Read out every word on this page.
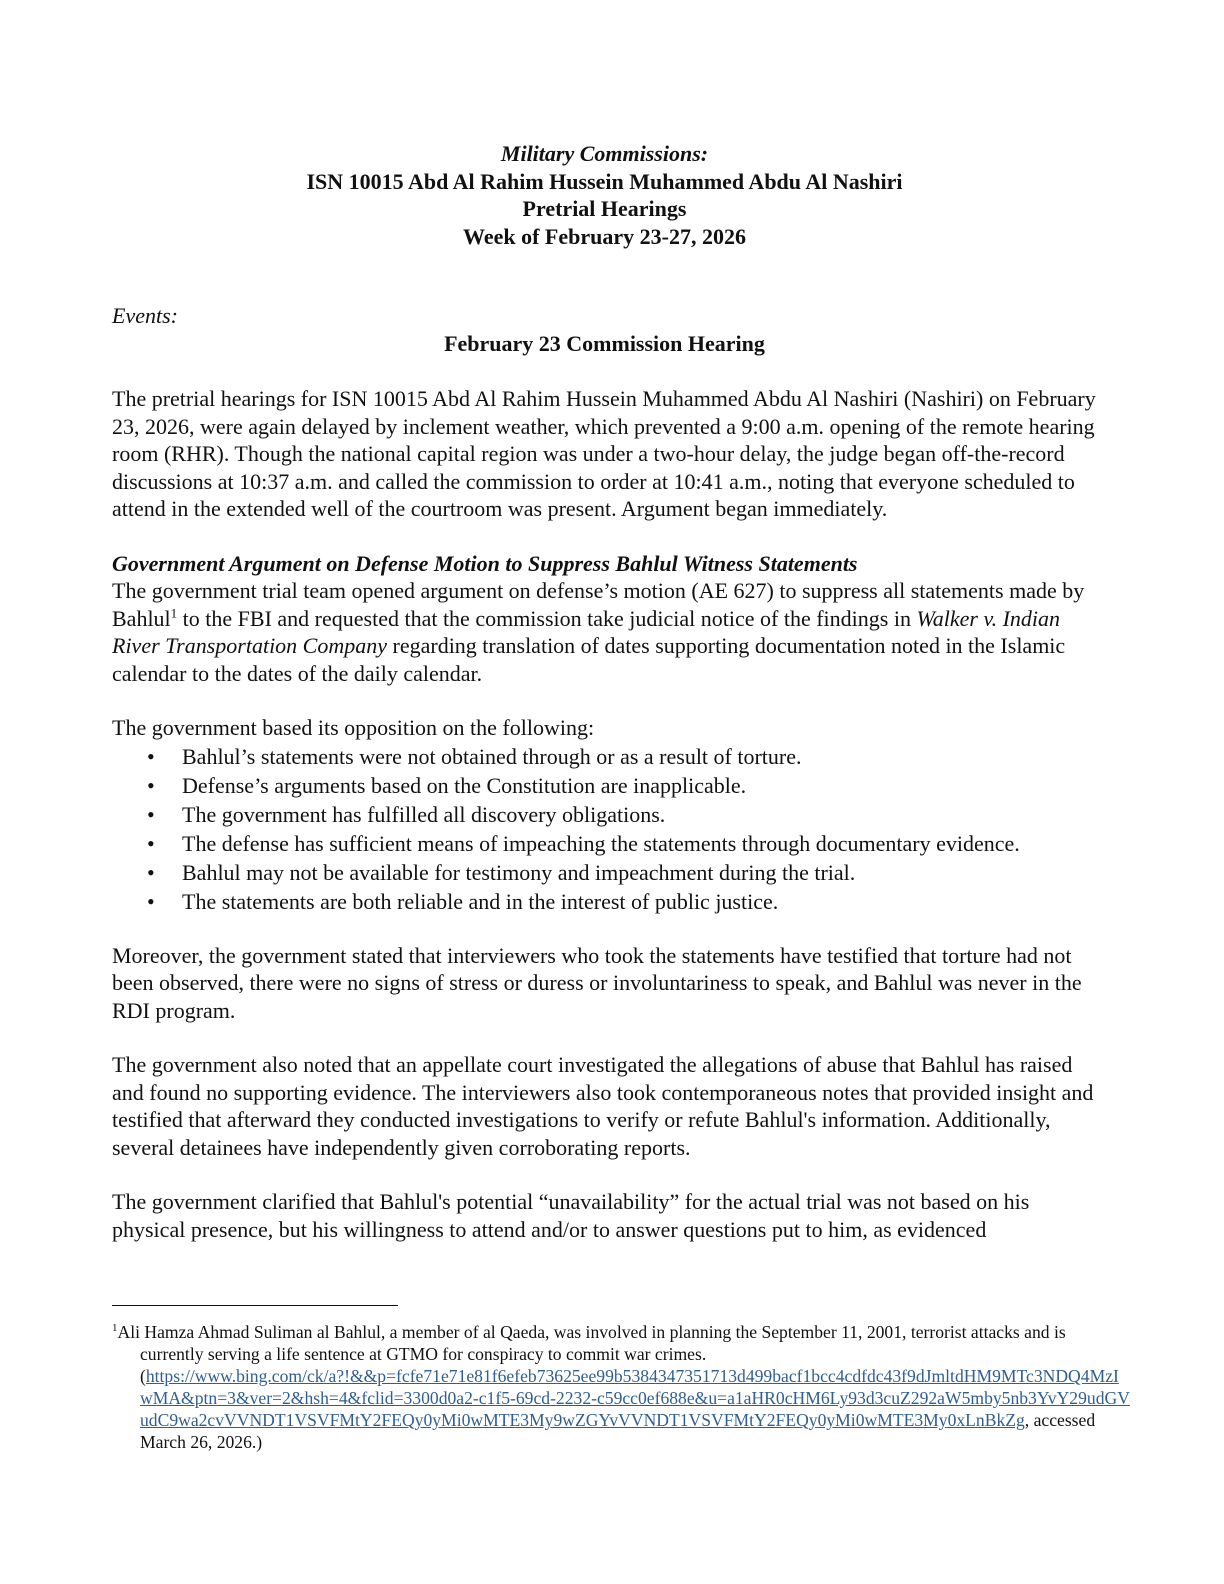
Military Commissions:
ISN 10015 Abd Al Rahim Hussein Muhammed Abdu Al Nashiri
Pretrial Hearings
Week of February 23-27, 2026
Events:
February 23 Commission Hearing

The pretrial hearings for ISN 10015 Abd Al Rahim Hussein Muhammed Abdu Al Nashiri (Nashiri) on February 23, 2026, were again delayed by inclement weather, which prevented a 9:00 a.m. opening of the remote hearing room (RHR). Though the national capital region was under a two-hour delay, the judge began off-the-record discussions at 10:37 a.m. and called the commission to order at 10:41 a.m., noting that everyone scheduled to attend in the extended well of the courtroom was present. Argument began immediately.

Government Argument on Defense Motion to Suppress Bahlul Witness Statements

The government trial team opened argument on defense’s motion (AE 627) to suppress all statements made by Bahlul$^1$ to the FBI and requested that the commission take judicial notice of the findings in Walker v. Indian River Transportation Company regarding translation of dates supporting documentation noted in the Islamic calendar to the dates of the daily calendar.

The government based its opposition on the following:
• Bahlul’s statements were not obtained through or as a result of torture.
• Defense’s arguments based on the Constitution are inapplicable.
• The government has fulfilled all discovery obligations.
• The defense has sufficient means of impeaching the statements through documentary evidence.
• Bahlul may not be available for testimony and impeachment during the trial.
• The statements are both reliable and in the interest of public justice.

Moreover, the government stated that interviewers who took the statements have testified that torture had not been observed, there were no signs of stress or duress or involuntariness to speak, and Bahlul was never in the RDI program.

The government also noted that an appellate court investigated the allegations of abuse that Bahlul has raised and found no supporting evidence. The interviewers also took contemporaneous notes that provided insight and testified that afterward they conducted investigations to verify or refute Bahlul's information. Additionally, several detainees have independently given corroborating reports.

The government clarified that Bahlul's potential “unavailability” for the actual trial was not based on his physical presence, but his willingness to attend and/or to answer questions put to him, as evidenced

$^1$Ali Hamza Ahmad Suliman al Bahlul, a member of al Qaeda, was involved in planning the September 11, 2001, terrorist attacks and is currently serving a life sentence at GTMO for conspiracy to commit war crimes.
(https://www.bing.com/ck/a?!&&p=fcfe71e71e81f6efeb73625ee99b5384347351713d499bacf1bcc4cdfdc43f9dJmltdHM9MTc3NDQ4MzIwMA&ptn=3&ver=2&hsh=4&fclid=3300d0a2-c1f5-69cd-2232-c59cc0ef688e&u=a1aHR0cHM6Ly93d3cuZ292aW5mby5nb3YvY29udGVudC9wa2cvVVNDT1VSVFMtY2FEQy0yMi0wMTE3My9wZGYvVVNDT1VSVFMtY2FEQy0yMi0wMTE3My0xLnBkZg, accessed March 26, 2026.)
